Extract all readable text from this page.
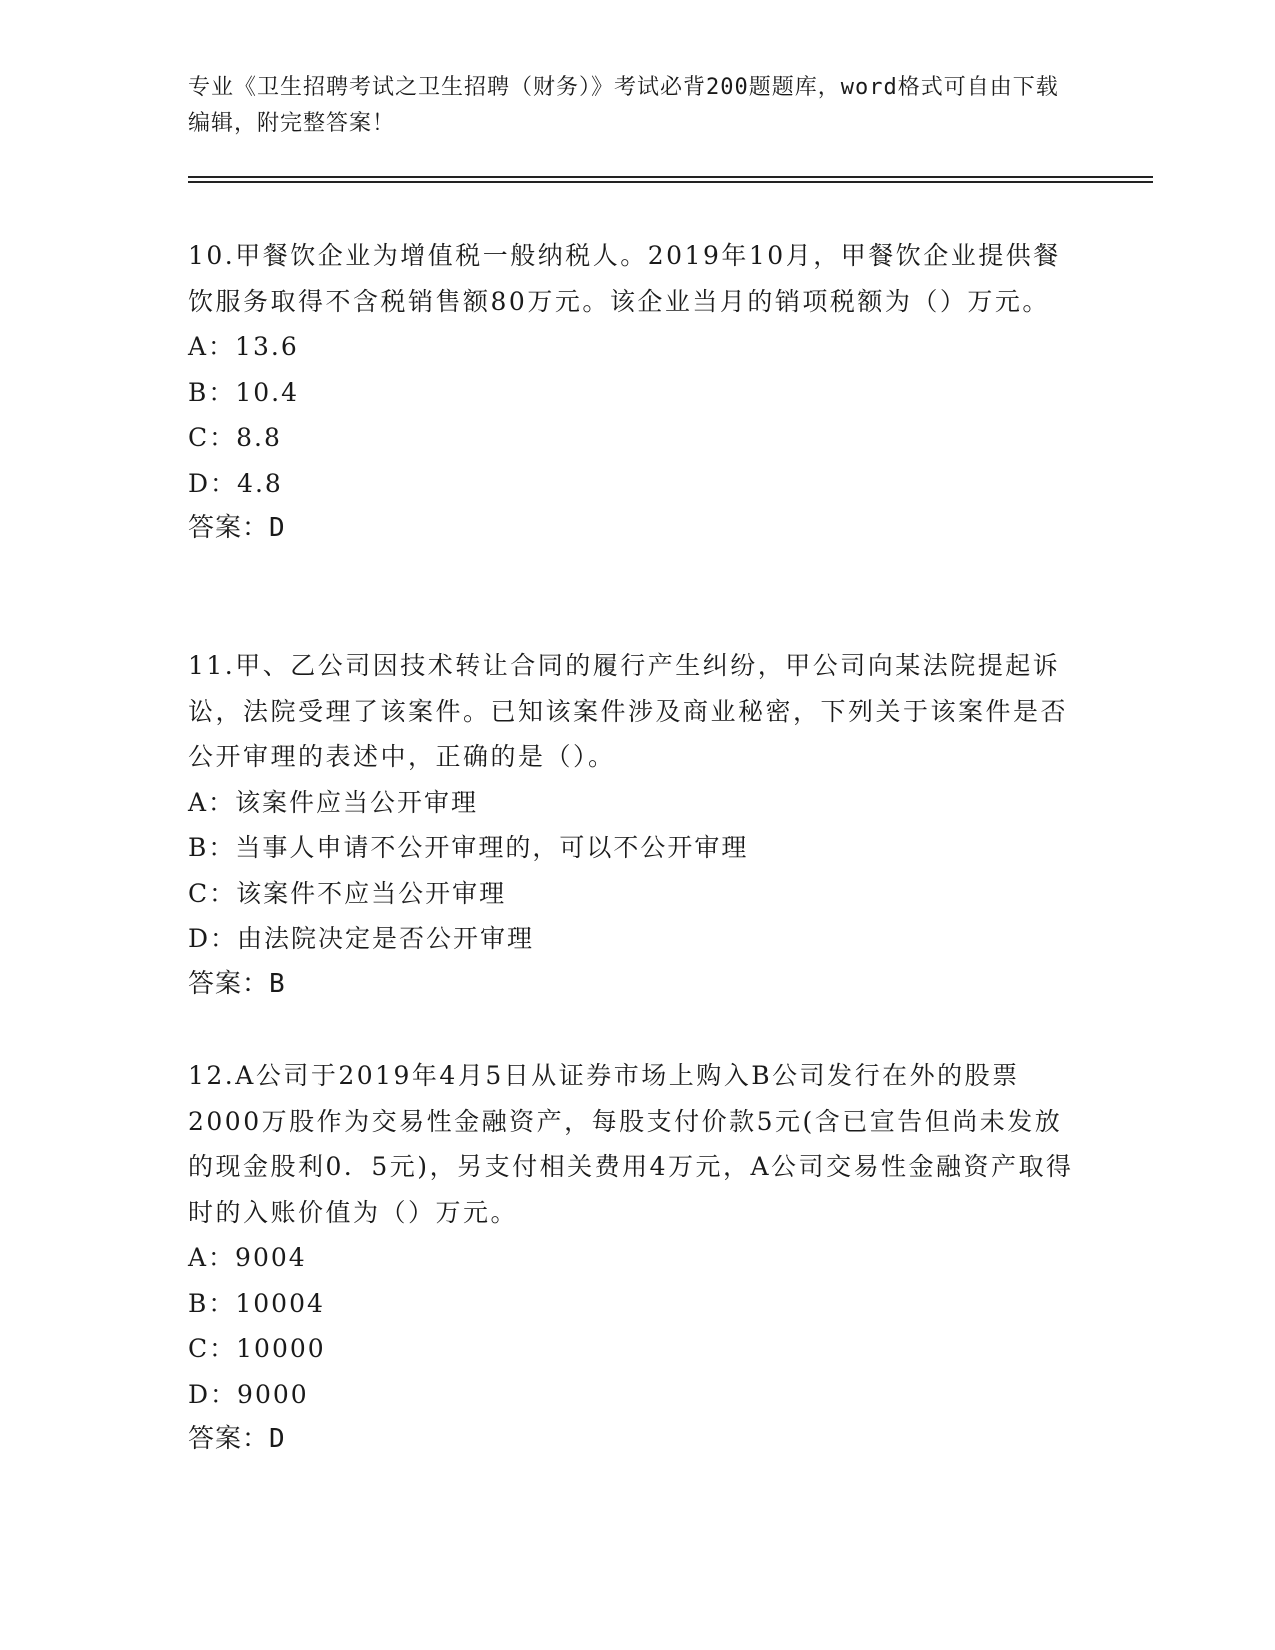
专业《卫生招聘考试之卫生招聘（财务）》考试必背200题题库，word格式可自由下载编辑，附完整答案！

10.甲餐饮企业为增值税一般纳税人。2019年10月，甲餐饮企业提供餐饮服务取得不含税销售额80万元。该企业当月的销项税额为（）万元。

A：13.6

B：10.4

C：8.8

D：4.8

答案：D

11.甲、乙公司因技术转让合同的履行产生纠纷，甲公司向某法院提起诉讼，法院受理了该案件。已知该案件涉及商业秘密，下列关于该案件是否公开审理的表述中，正确的是（）。

A：该案件应当公开审理

B：当事人申请不公开审理的，可以不公开审理

C：该案件不应当公开审理

D：由法院决定是否公开审理

答案：B

12.A公司于2019年4月5日从证券市场上购入B公司发行在外的股票2000万股作为交易性金融资产，每股支付价款5元(含已宣告但尚未发放的现金股利0．5元)，另支付相关费用4万元，A公司交易性金融资产取得时的入账价值为（）万元。

A：9004

B：10004

C：10000

D：9000

答案：D
